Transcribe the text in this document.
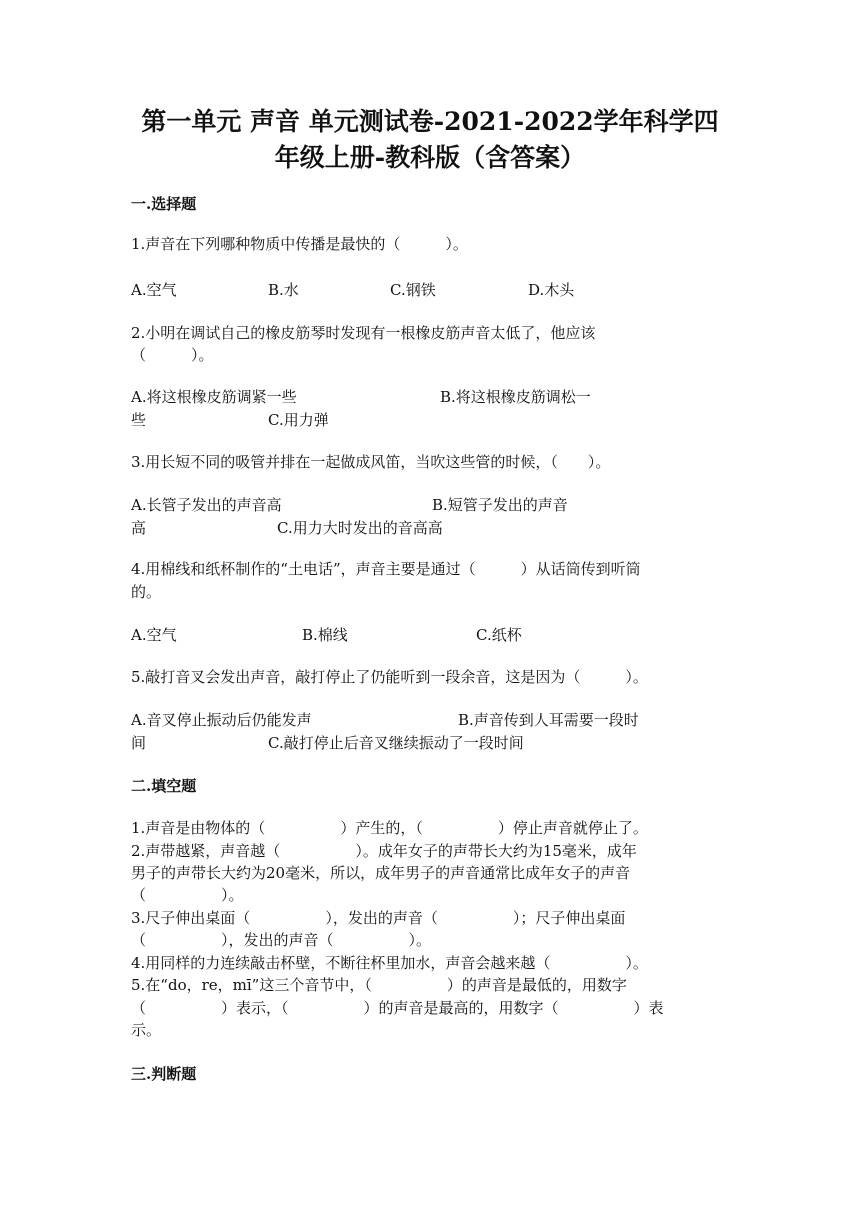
第一单元 声音 单元测试卷-2021-2022学年科学四
年级上册-教科版（含答案）
一.选择题
1.声音在下列哪种物质中传播是最快的（　　　）。
A.空气	B.水	C.钢铁	D.木头
2.小明在调试自己的橡皮筋琴时发现有一根橡皮筋声音太低了，他应该
（　　　）。
A.将这根橡皮筋调紧一些	B.将这根橡皮筋调松一
些	C.用力弹
3.用长短不同的吸管并排在一起做成风笛，当吹这些管的时候，（　　）。
A.长管子发出的声音高	B.短管子发出的声音
高	C.用力大时发出的音高高
4.用棉线和纸杯制作的“土电话”，声音主要是通过（　　　）从话筒传到听筒
的。
A.空气	B.棉线	C.纸杯
5.敲打音叉会发出声音，敲打停止了仍能听到一段余音，这是因为（　　　）。
A.音叉停止振动后仍能发声	B.声音传到人耳需要一段时
间	C.敲打停止后音叉继续振动了一段时间
二.填空题
1.声音是由物体的（　　　　　）产生的，（　　　　　）停止声音就停止了。
2.声带越紧，声音越（　　　　　）。成年女子的声带长大约为15毫米，成年
男子的声带长大约为20毫米，所以，成年男子的声音通常比成年女子的声音
（　　　　　）。
3.尺子伸出桌面（　　　　　），发出的声音（　　　　　）；尺子伸出桌面
（　　　　　），发出的声音（　　　　　）。
4.用同样的力连续敲击杯壁，不断往杯里加水，声音会越来越（　　　　　）。
5.在“do，re，mī”这三个音节中，（　　　　　）的声音是最低的，用数字
（　　　　　）表示，（　　　　　）的声音是最高的，用数字（　　　　　）表
示。
三.判断题
